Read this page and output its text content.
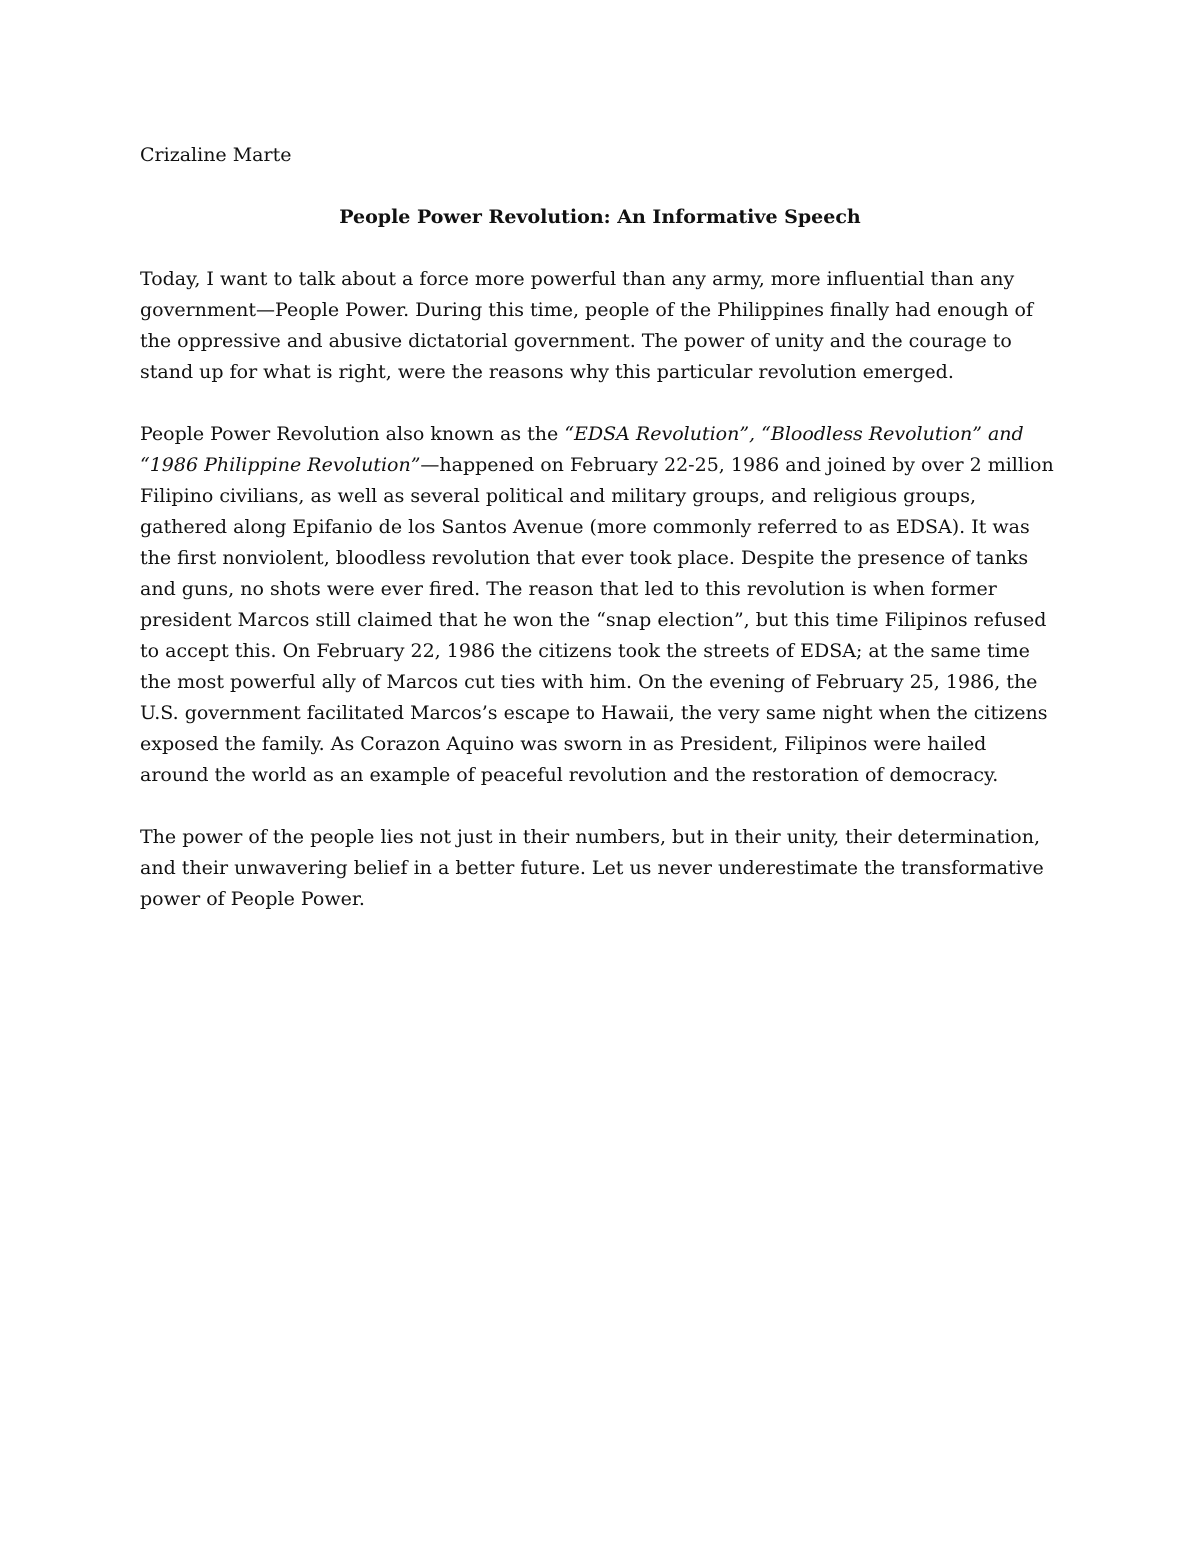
Crizaline Marte
People Power Revolution: An Informative Speech

Today, I want to talk about a force more powerful than any army, more influential than any government—People Power. During this time, people of the Philippines finally had enough of the oppressive and abusive dictatorial government. The power of unity and the courage to stand up for what is right, were the reasons why this particular revolution emerged.

People Power Revolution also known as the “EDSA Revolution”, “Bloodless Revolution” and “1986 Philippine Revolution”—happened on February 22-25, 1986 and joined by over 2 million Filipino civilians, as well as several political and military groups, and religious groups, gathered along Epifanio de los Santos Avenue (more commonly referred to as EDSA). It was the first nonviolent, bloodless revolution that ever took place. Despite the presence of tanks and guns, no shots were ever fired. The reason that led to this revolution is when former president Marcos still claimed that he won the “snap election”, but this time Filipinos refused to accept this. On February 22, 1986 the citizens took the streets of EDSA; at the same time the most powerful ally of Marcos cut ties with him. On the evening of February 25, 1986, the U.S. government facilitated Marcos’s escape to Hawaii, the very same night when the citizens exposed the family. As Corazon Aquino was sworn in as President, Filipinos were hailed around the world as an example of peaceful revolution and the restoration of democracy.

The power of the people lies not just in their numbers, but in their unity, their determination, and their unwavering belief in a better future. Let us never underestimate the transformative power of People Power.
